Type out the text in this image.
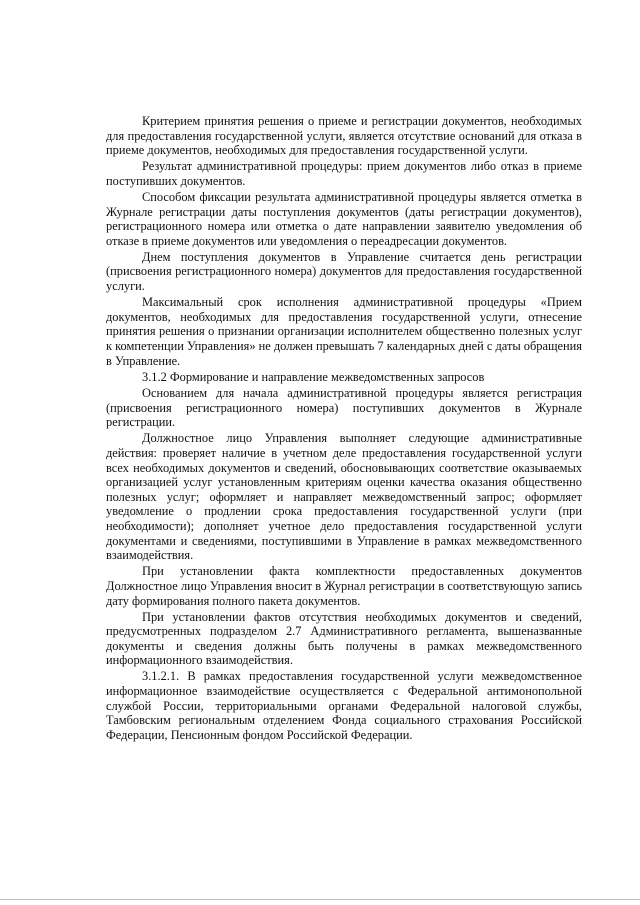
Критерием принятия решения о приеме и регистрации документов, необходимых для предоставления государственной услуги, является отсутствие оснований для отказа в приеме документов, необходимых для предоставления государственной услуги.

Результат административной процедуры: прием документов либо отказ в приеме поступивших документов.

Способом фиксации результата административной процедуры является отметка в Журнале регистрации даты поступления документов (даты регистрации документов), регистрационного номера или отметка о дате направлении заявителю уведомления об отказе в приеме документов или уведомления о переадресации документов.

Днем поступления документов в Управление считается день регистрации (присвоения регистрационного номера) документов для предоставления государственной услуги.

Максимальный срок исполнения административной процедуры «Прием документов, необходимых для предоставления государственной услуги, отнесение принятия решения о признании организации исполнителем общественно полезных услуг к компетенции Управления» не должен превышать 7 календарных дней с даты обращения в Управление.

3.1.2 Формирование и направление межведомственных запросов

Основанием для начала административной процедуры является регистрация (присвоения регистрационного номера) поступивших документов в Журнале регистрации.

Должностное лицо Управления выполняет следующие административные действия: проверяет наличие в учетном деле предоставления государственной услуги всех необходимых документов и сведений, обосновывающих соответствие оказываемых организацией услуг установленным критериям оценки качества оказания общественно полезных услуг; оформляет и направляет межведомственный запрос; оформляет уведомление о продлении срока предоставления государственной услуги (при необходимости); дополняет учетное дело предоставления государственной услуги документами и сведениями, поступившими в Управление в рамках межведомственного взаимодействия.

При установлении факта комплектности предоставленных документов Должностное лицо Управления вносит в Журнал регистрации в соответствующую запись дату формирования полного пакета документов.

При установлении фактов отсутствия необходимых документов и сведений, предусмотренных подразделом 2.7 Административного регламента, вышеназванные документы и сведения должны быть получены в рамках межведомственного информационного взаимодействия.

3.1.2.1. В рамках предоставления государственной услуги межведомственное информационное взаимодействие осуществляется с Федеральной антимонопольной службой России, территориальными органами Федеральной налоговой службы, Тамбовским региональным отделением Фонда социального страхования Российской Федерации, Пенсионным фондом Российской Федерации.
